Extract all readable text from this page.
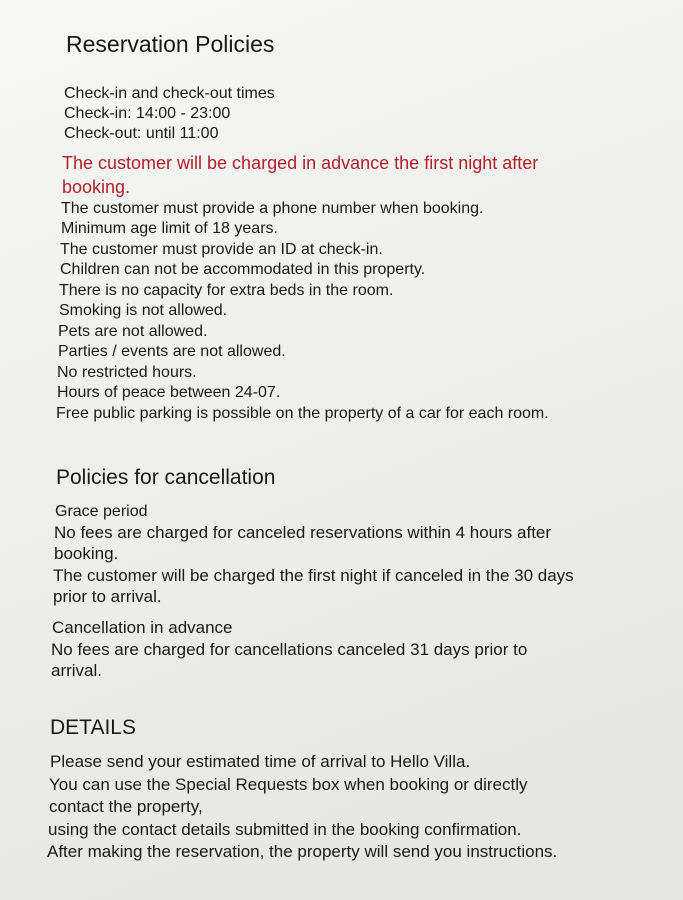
Reservation Policies
Check-in and check-out times
Check-in: 14:00 - 23:00
Check-out: until 11:00
The customer will be charged in advance the first night after
booking.
The customer must provide a phone number when booking.
Minimum age limit of 18 years.
The customer must provide an ID at check-in.
Children can not be accommodated in this property.
There is no capacity for extra beds in the room.
Smoking is not allowed.
Pets are not allowed.
Parties / events are not allowed.
No restricted hours.
Hours of peace between 24-07.
Free public parking is possible on the property of a car for each room.
Policies for cancellation
Grace period
No fees are charged for canceled reservations within 4 hours after
booking.
The customer will be charged the first night if canceled in the 30 days
prior to arrival.
Cancellation in advance
No fees are charged for cancellations canceled 31 days prior to
arrival.
DETAILS
Please send your estimated time of arrival to Hello Villa.
You can use the Special Requests box when booking or directly
contact the property,
using the contact details submitted in the booking confirmation.
After making the reservation, the property will send you instructions.
